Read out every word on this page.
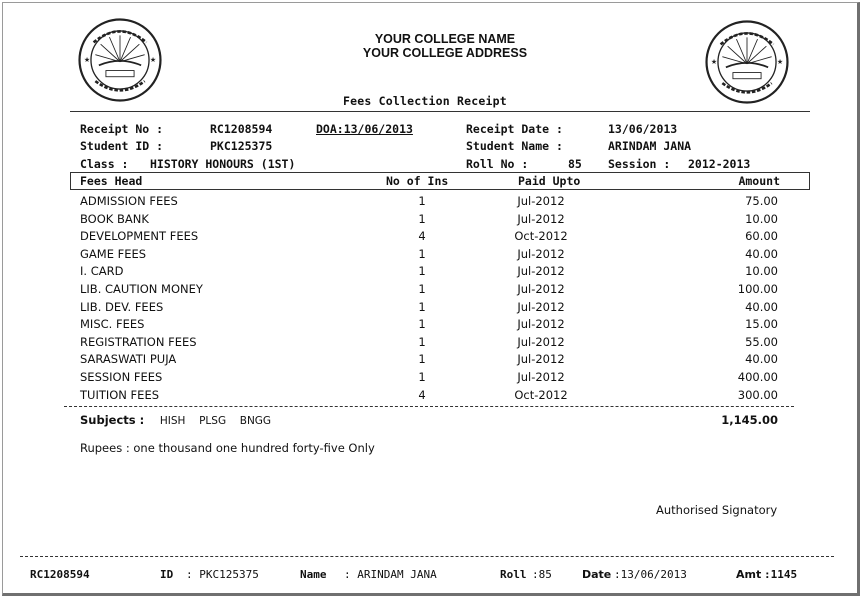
★	★	★	★
YOUR COLLEGE NAME
YOUR COLLEGE ADDRESS
Fees Collection Receipt
Receipt No :	RC1208594	DOA:13/06/2013	Receipt Date :	13/06/2013
Student ID :	PKC125375	Student Name :	ARINDAM JANA
Class : HISTORY HONOURS (1ST)	Roll No :	85 Session : 2012-2013
Fees Head	No of Ins	Paid Upto	Amount
ADMISSION FEES	1	Jul-2012	75.00
BOOK BANK	1	Jul-2012	10.00
DEVELOPMENT FEES	4	Oct-2012	60.00
GAME FEES	1	Jul-2012	40.00
I. CARD	1	Jul-2012	10.00
LIB. CAUTION MONEY	1	Jul-2012	100.00
LIB. DEV. FEES	1	Jul-2012	40.00
MISC. FEES	1	Jul-2012	15.00
REGISTRATION FEES	1	Jul-2012	55.00
SARASWATI PUJA	1	Jul-2012	40.00
SESSION FEES	1	Jul-2012	400.00
TUITION FEES	4	Oct-2012	300.00
Subjects : HISH PLSG BNGG	1,145.00
Rupees : one thousand one hundred forty-five Only
Authorised Signatory
RC1208594	ID : PKC125375	Name : ARINDAM JANA	Roll :85	Date :13/06/2013	Amt :1145
